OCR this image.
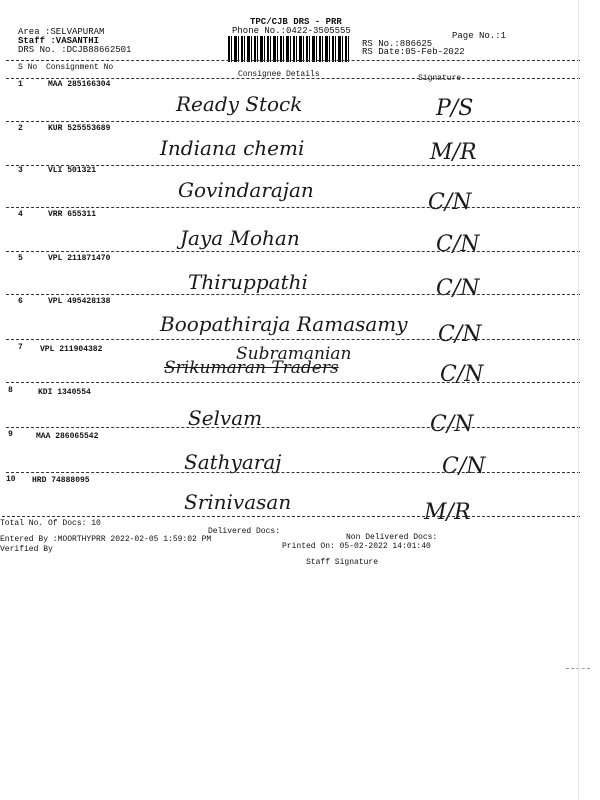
Area :SELVAPURAM
Staff :VASANTHI
DRS No. :DCJB88662501
TPC/CJB DRS - PRR
Phone No.:0422-3505555	Page No.:1
RS No.:886625
RS Date:05-Feb-2022
S No Consignment No
Consignee Details	Signature
1	MAA 285166304
Ready Stock	P/S
2	KUR 525553689
Indiana chemi	M/R
3	VLI 501321
Govindarajan	C/N
4	VRR 655311
Jaya Mohan	C/N
5	VPL 211871470
Thiruppathi	C/N
6	VPL 495428138
Boopathiraja Ramasamy C/N
7 VPL 211904382	Subramanian
Srikumaran Traders	C/N
8	KDI 1340554
Selvam	C/N
9	MAA 286065542
Sathyaraj	C/N
10 HRD 74888095
Srinivasan	M/R
Total No. Of Docs: 10
Delivered Docs:
Non Delivered Docs:
Entered By :MOORTHYPRR 2022-02-05 1:59:02 PM
Printed On: 05-02-2022 14:01:40
Verified By
Staff Signature
